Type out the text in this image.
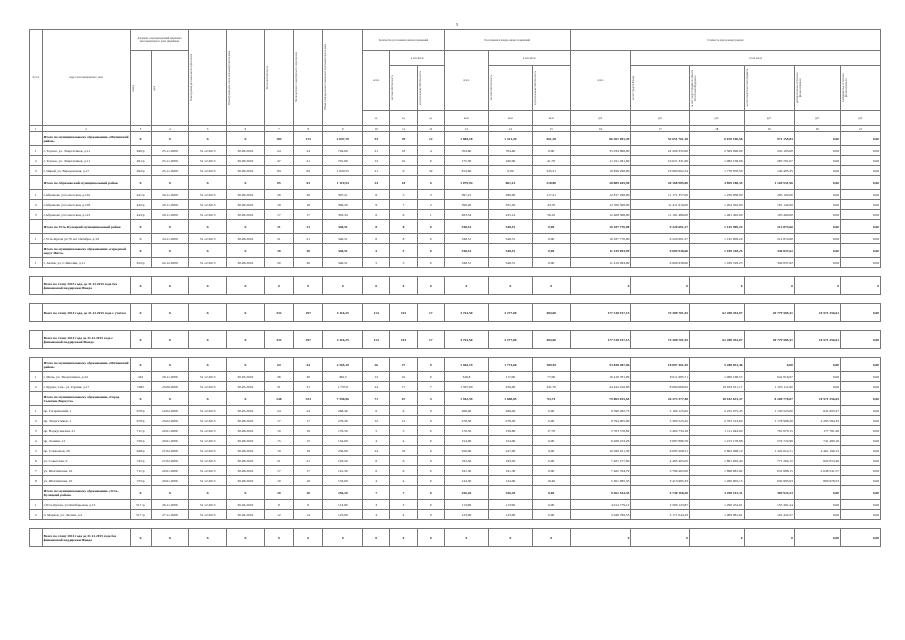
5
№ п/п	Адрес многоквартирного дома	Документ, подтверждающий признание многоквартирного дома аварийным		Планируемая дата окончания переселения	Планируемая дата сноса многоквартирного дома	Число жителей всего	Число жителей, планируемых к переселению	Общая площадь жилых помещений многоквартирного дома	Количество расселяемых жилых помещений			Расселяемая площадь жилых помещений			Стоимость переселения граждан					

		номер	дата						всего	в том числе		всего	в том числе		всего	в том числе				

										частная собственность	муниципальная собственность		частная собственность	муниципальная собственность		за счет средств Фонда	за счет средств бюджета субъекта Российской Федерации	за счет средств местного бюджета	дополнительные источники финансирования	внебюджетные источники финансирования

									ед.	ед.	ед.	кв.м	кв.м	кв.м	руб.	руб.	руб.	руб.	руб.	руб.
1	2	3	4	5	6	7	8	9	10	11	12	13	14	15	16	17	18	19	20	21
	Итого по муниципальному образованию «Мечинский район»	Х	Х	Х	Х	184	113	2 697,70	53	39	12	1 883,18	1 321,20	561,28	86 361 981,49	52 651 761,18	6 670 106,56	971 155,83	0,00	0,00
1	г. Торчок, ул. Энергетиков, д.11	490/р	25.11.2009	31.12.2015	30.09.2016	24	24	704,60	21	18	4	704,60	704,60	0,00	35 034 898,00	22 209 335,00	2 509 090,00	245 195,00	0,00	0,00
2	г. Торчок, ул. Энергетиков, д.11	491/р	25.11.2009	31.12.2015	30.09.2016	47	21	791,66	12	10	0	175,30	160,00	41,70	11 011 281,60	10 021 331,66	1 982 138,06	265 791,67	0,00	0,00
3	г. Чирей, ул. Вереденская, д.17	492/р	25.11.2009	31.12.2015	30.09.2016	84	84	1 820,55	21	9	32	813,60	0,00	545,31	19 826 298,00	19 990 692,54	1 778 878,50	140 495,35	0,00	0,00
	Итого по Абрамовский муниципальный район	Х	Х	Х	Х	65	63	1 119,94	24	18	6	1 079,94	861,14	218,80	28 889 645,90	20 188 985,00	4 899 188,35	1 104 931,96	0,00	0,00
1	г.Абрамово ул.Советская, д.101	441/р	20.11.2009	31.12.2015	30.09.2016	26	26	397,21	8	5	3	397,21	280,00	117,21	12 817 298,00	11 171 357,00	1 250 838,00	205 102,00	0,00	0,00
2	г.Абрамово ул.Советская, д.103	442/р	20.11.2009	31.12.2015	30.09.2016	18	18	399,20	9	7	2	399,20	355,50	43,70	12 706 508,00	11 411 916,00	1 204 502,00	791 142,00	0,00	0,00
3	г.Абрамово ул.Советская, д.121	443/р	20.11.2009	31.12.2015	30.09.2016	17	17	303,34	6	6	1	283,34	225,14	58,10	12 408 368,00	11 181 486,00	1 481 402,00	105 409,00	0,00	0,00
	Итого по Усть-Кулецкий муниципальный район	Х	Х	Х	Х	21	21	348,51	8	8	0	348,51	348,51	0,00	10 187 770,00	9 220 601,27	1 145 909,24	212 874,60	0,00	0,00
1	с.Усть-Кулом ул.70 лет Октября, д.34	Х	24.11.2009	31.12.2015	30.06.2016	21	21	348,51	8	8	0	348,51	348,51	0,00	10 187 770,00	9 220 601,27	1 145 909,24	212 874,60	0,00	0,00
	Итого по муниципальному образованию «городской округ Инта»	Х	Х	Х	Х	20	20	348,51	5	5	0	348,51	348,51	0,00	11 419 094,99	9 609 938,60	1 189 318,25	340 837,62	0,00	0,00
1	г. Актив, ул. С.Фиалки, д.11	452/р	24.12.2009	31.12.2015	30.06.2016	20	20	348,51	5	5	0	348,51	348,51	0,00	11 419 094,99	9 609 938,60	1 189 318,25	340 837,62	0,00	0,00

	Всего по этапу 2015 года, до 31.12.2015 года без финансовой поддержки Фонда	Х	Х	Х	Х	0	0	0	0	0	0	0	0	0	0	0	0	0	0	0

	Всего по этапу 2014 года, до 31.12.2015 года с учетом	Х	Х	Х	Х	332	297	4 116,25	114	101	17	3 761,50	3 277,00	484,60	177 318 917,15	74 308 701,55	62 208 453,07	20 779 585,31	10 571 256,61	0,00

	Всего по этапу 2014 года до 31.12.2015 года с финансовой поддержкой Фонда	Х	Х	Х	Х	332	297	4 116,25	114	101	17	3 761,50	3 277,00	484,60	177 318 917,15	74 308 701,55	62 208 453,07	20 779 585,31	10 571 256,61	0,00

	Итого по муниципальному образованию «Мечинский район»	Х	Х	Х	Х	64	64	2 565,10	26	27	9	1 963,19	1 773,60	189,59	53 838 487,06	18 007 461,59	5 288 831,46	0,00	0,00	0,00
1	г. Мечь, ул. Энергетиков, д.24	432	29.11.2006	31.12.2015	30.05.2016	36	36	482,5	12	10	0	346,8	117,00	77,00	10 416 781,09	8 011 685,71	1 900 168,57	641 816,67	0,00	0,00
2	г. Куржа, Сев., ул. Горняк, д.17	1965	23.06.2006	31.12.2015	30.05.2016	31	31	1 737,0	24	17	7	1 597,00	256,00	341,70	44 444 016,66	8 060 689,62	19 633 011,17	1 105 111,00	0,00	0,00
	Итого по муниципальному образованию «Город Сыктыв-Воркута»	Х	Х	Х	Х	248	323	7 396,96	71	67	4	1 942,59	1 848,85	93,74	79 865 815,65	26 373 377,48	18 182 631,37	8 200 776,07	10 571 256,65	0,00
1	пр. Гагаринский, 1	670/р	19.02.2006	31.12.2015	30.05.2016	24	24	268,40	6	6	0	268,40	268,40	0,00	9 590 282,73	5 160 125,62	2 252 075,45	1 150 523,00	841 095,27	0,00
2	пр. Энергетиков, 1	679/р	23.02.2006	31.12.2015	30.06.2016	17	17	278,30	12	12	0	278,30	278,30	0,00	8 794 005,00	5 300 525,42	2 703 513,64	1 178 998,20	2 285 584,33	0,00
3	пр. Воркутинская, 21	711/р	20.01.2006	31.12.2015	30.06.2016	19	19	176,50	5	5	0	176,50	158,80	17,70	5 703 576,82	3 404 734,18	1 111 944,00	781 870,15	177 781,48	0,00
4	пр. Ленина, 12	720/р	20.01.2006	31.12.2015	30.06.2016	15	15	154,00	4	4	0	154,00	154,00	0,00	6 268 103,26	3 687 886,76	1 215 178,98	574 722,96	741 480,16	0,00
5	пр. Совхозная, 20	648/р	27.02.2006	31.12.2015	30.06.2016	19	19	256,00	24	18	6	256,00	247,00	9,00	10 020 611,30	6 085 208,51	2 602 098,10	1 322 614,71	2 461 196,15	0,00
6	ул. Советская, 9	745/р	27.02.2006	31.12.2015	30.06.2016	21	21	193,50	6	6	0	193,50	193,50	0,00	7 481 277,60	4 485 405,05	1 891 902,40	771 204,15	602 053,40	0,00
7	ул. Шахтинская, 16	711/р	20.01.2006	31.12.2015	30.06.2016	17	17	191,30	6	6	0	191,30	191,30	0,00	7 462 764,79	3 789 465,00	1 898 681,82	631 888,15	2 048 541,57	0,00
8	ул. Шахтинская, 10	725/р	20.01.2006	31.12.2015	30.06.2016	19	19	133,00	4	4	0	144,30	124,00	19,40	5 301 985,33	3 413 985,33	1 260 902,15	632 985,03	860 678,53	0,00
	Итого по муниципальному образованию «Усть-Кулецкий район»	Х	Х	Х	Х	20	20	256,20	7	7	0	256,20	256,20	0,00	9 461 544,35	5 740 168,20	3 298 101,31	369 924,23	0,00	0,00
1	г.Усть-Кулом, ул.Октябрьская, д.15	517 /р	26.11.2006	31.12.2015	30.04.2016	8	6	113,90	3	3	0	113,90	113,90	0,00	4 014 779,12	2 569 123,87	1 290 254,01	155 401,24	0,00	0,00
2	п. Марков, ул. Лесная, д.2	517 /р	27.11.2006	31.12.2015	30.04.2016	12	14	123,00	4	4	0	123,00	123,00	0,00	5 046 799,53	3 171 044,33	1 009 881,61	191 422,57	0,00	0,00

	Всего по этапу 2014 года до 31.12.2015 года без финансовой поддержки Фонда	Х	Х	Х	Х	0	0	0	0	0	0	0	0	0	0	0	0	0	0,00	0,00
